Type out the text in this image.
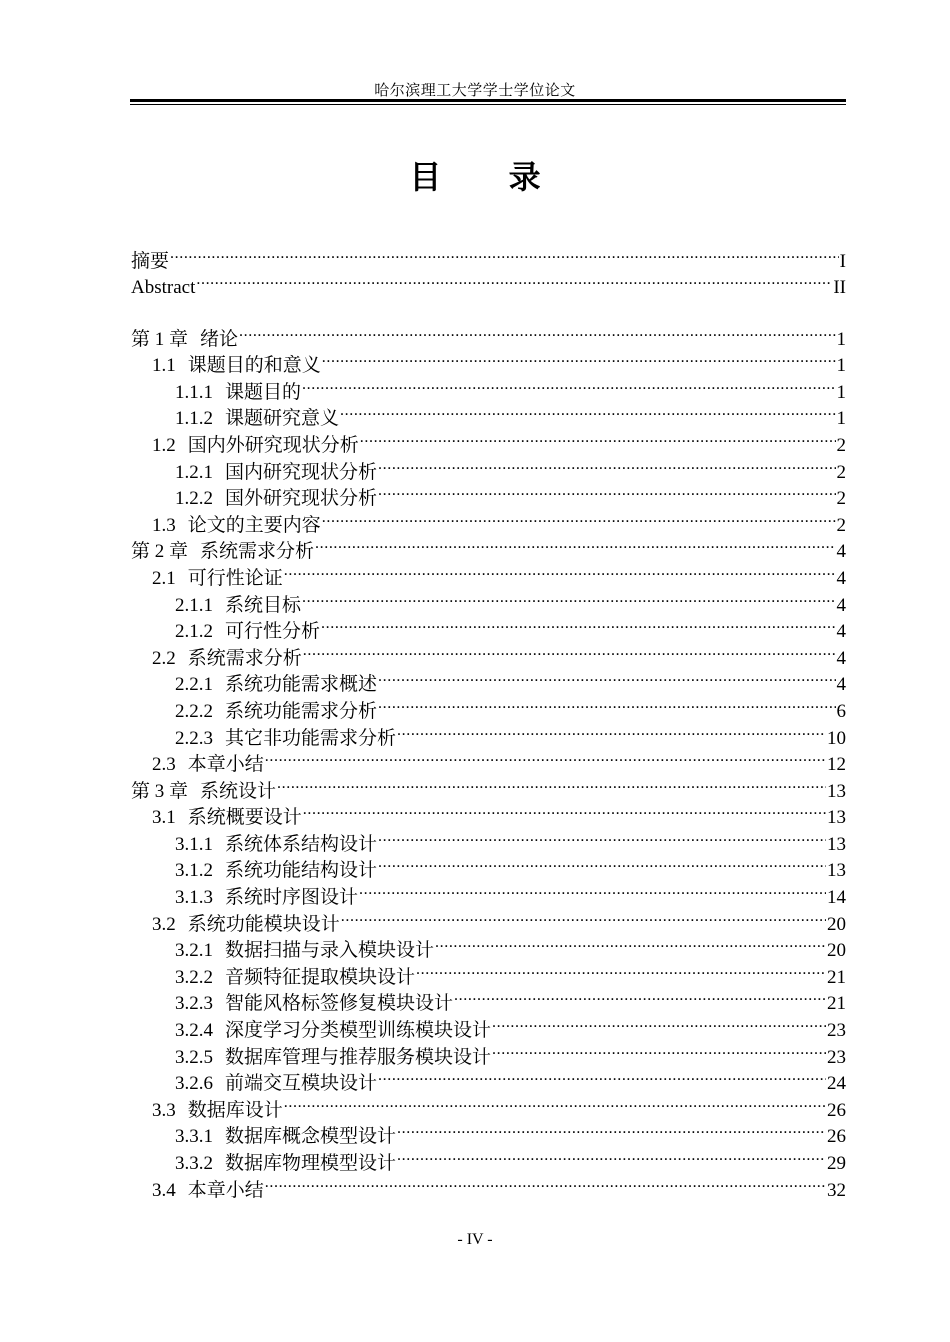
哈尔滨理工大学学士学位论文
目 录
摘要 .....	I
Abstract .....	II
第 1 章 绪论 .....	1
1.1 课题目的和意义 .....	1
1.1.1 课题目的 .....	1
1.1.2 课题研究意义 .....	1
1.2 国内外研究现状分析 .....	2
1.2.1 国内研究现状分析 .....	2
1.2.2 国外研究现状分析 .....	2
1.3 论文的主要内容 .....	2
第 2 章 系统需求分析 .....	4
2.1 可行性论证 .....	4
2.1.1 系统目标 .....	4
2.1.2 可行性分析 .....	4
2.2 系统需求分析 .....	4
2.2.1 系统功能需求概述 .....	4
2.2.2 系统功能需求分析 .....	6
2.2.3 其它非功能需求分析 .....	10
2.3 本章小结 .....	12
第 3 章 系统设计 .....	13
3.1 系统概要设计 .....	13
3.1.1 系统体系结构设计 .....	13
3.1.2 系统功能结构设计 .....	13
3.1.3 系统时序图设计 .....	14
3.2 系统功能模块设计 .....	20
3.2.1 数据扫描与录入模块设计 .....	20
3.2.2 音频特征提取模块设计 .....	21
3.2.3 智能风格标签修复模块设计 .....	21
3.2.4 深度学习分类模型训练模块设计 .....	23
3.2.5 数据库管理与推荐服务模块设计 .....	23
3.2.6 前端交互模块设计 .....	24
3.3 数据库设计 .....	26
3.3.1 数据库概念模型设计 .....	26
3.3.2 数据库物理模型设计 .....	29
3.4 本章小结 .....	32
- IV -
